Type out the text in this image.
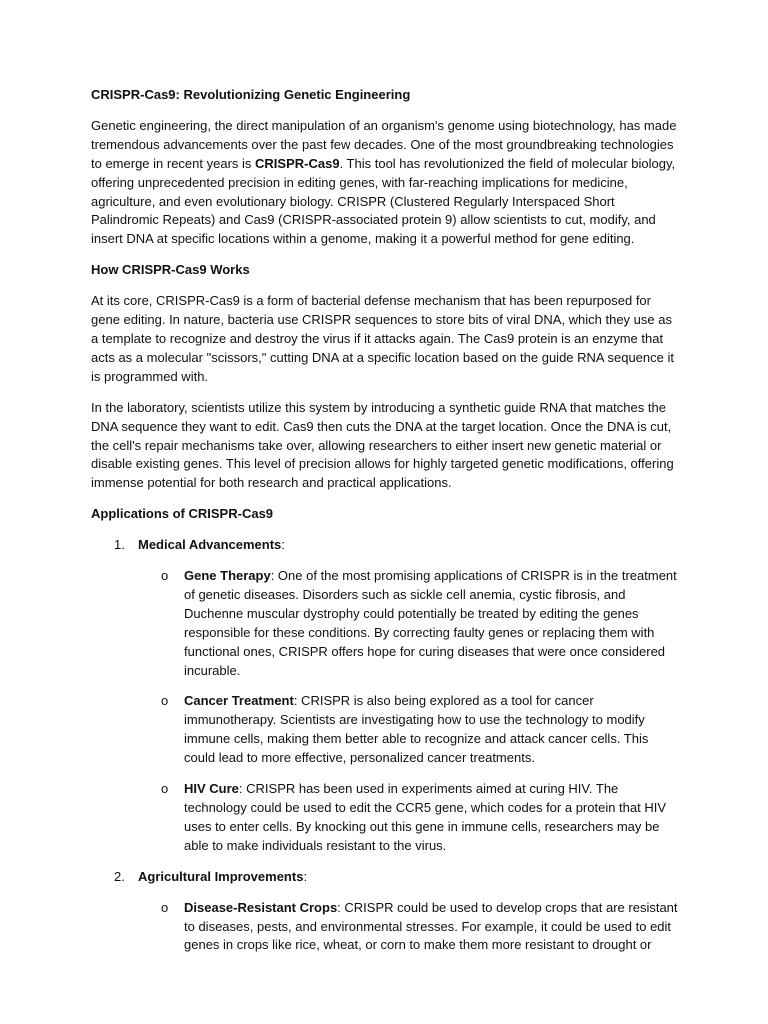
CRISPR-Cas9: Revolutionizing Genetic Engineering

Genetic engineering, the direct manipulation of an organism's genome using biotechnology, has made tremendous advancements over the past few decades. One of the most groundbreaking technologies to emerge in recent years is CRISPR-Cas9. This tool has revolutionized the field of molecular biology, offering unprecedented precision in editing genes, with far-reaching implications for medicine, agriculture, and even evolutionary biology. CRISPR (Clustered Regularly Interspaced Short Palindromic Repeats) and Cas9 (CRISPR-associated protein 9) allow scientists to cut, modify, and insert DNA at specific locations within a genome, making it a powerful method for gene editing.

How CRISPR-Cas9 Works

At its core, CRISPR-Cas9 is a form of bacterial defense mechanism that has been repurposed for gene editing. In nature, bacteria use CRISPR sequences to store bits of viral DNA, which they use as a template to recognize and destroy the virus if it attacks again. The Cas9 protein is an enzyme that acts as a molecular "scissors," cutting DNA at a specific location based on the guide RNA sequence it is programmed with.

In the laboratory, scientists utilize this system by introducing a synthetic guide RNA that matches the DNA sequence they want to edit. Cas9 then cuts the DNA at the target location. Once the DNA is cut, the cell's repair mechanisms take over, allowing researchers to either insert new genetic material or disable existing genes. This level of precision allows for highly targeted genetic modifications, offering immense potential for both research and practical applications.

Applications of CRISPR-Cas9
1. Medical Advancements:
o Gene Therapy: One of the most promising applications of CRISPR is in the treatment of genetic diseases. Disorders such as sickle cell anemia, cystic fibrosis, and Duchenne muscular dystrophy could potentially be treated by editing the genes responsible for these conditions. By correcting faulty genes or replacing them with functional ones, CRISPR offers hope for curing diseases that were once considered incurable.
o Cancer Treatment: CRISPR is also being explored as a tool for cancer immunotherapy. Scientists are investigating how to use the technology to modify immune cells, making them better able to recognize and attack cancer cells. This could lead to more effective, personalized cancer treatments.
o HIV Cure: CRISPR has been used in experiments aimed at curing HIV. The technology could be used to edit the CCR5 gene, which codes for a protein that HIV uses to enter cells. By knocking out this gene in immune cells, researchers may be able to make individuals resistant to the virus.
2. Agricultural Improvements:
o Disease-Resistant Crops: CRISPR could be used to develop crops that are resistant to diseases, pests, and environmental stresses. For example, it could be used to edit genes in crops like rice, wheat, or corn to make them more resistant to drought or
